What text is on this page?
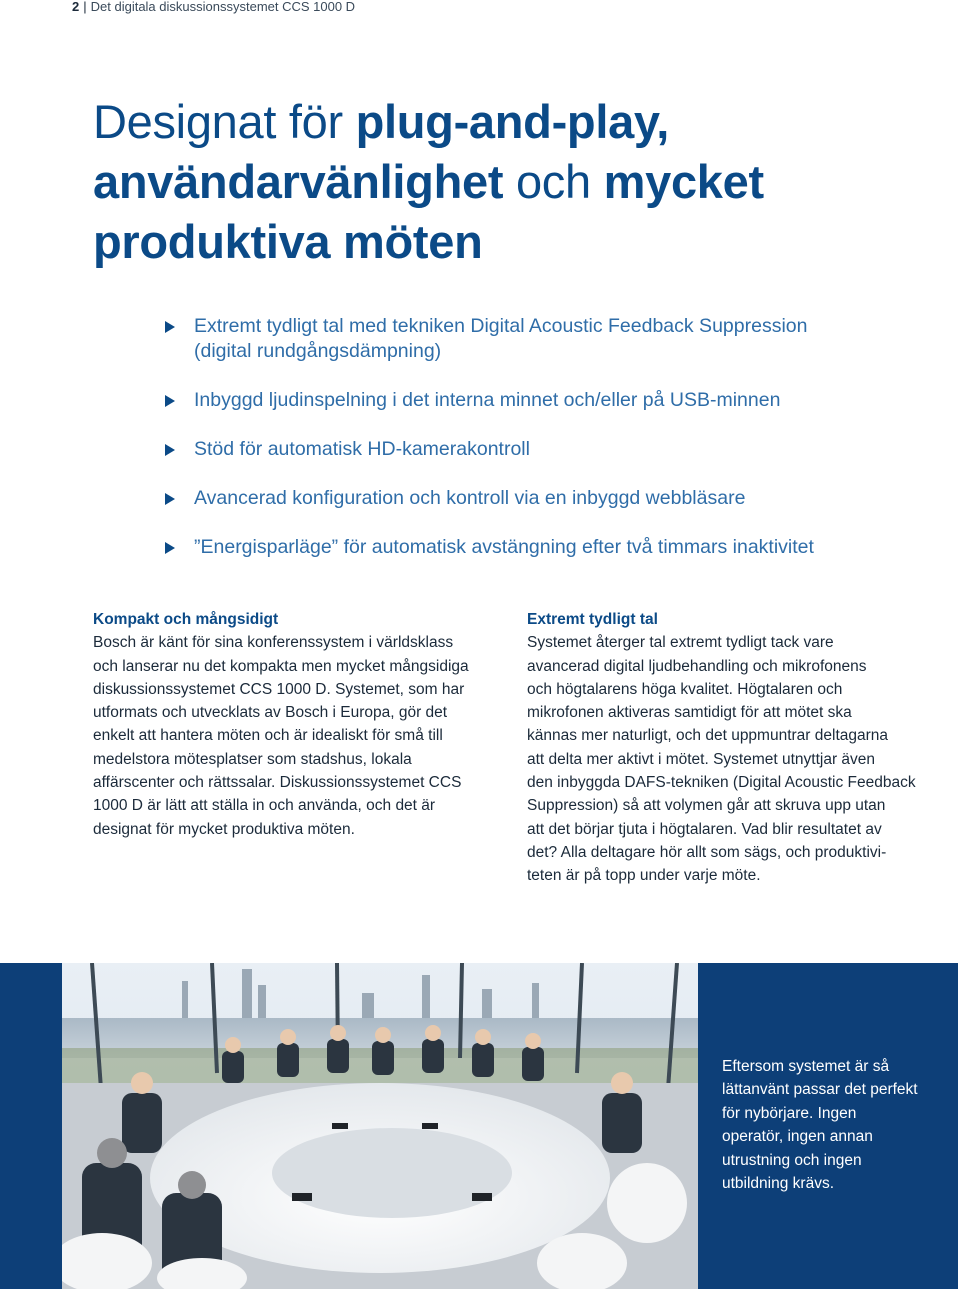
2 | Det digitala diskussionssystemet CCS 1000 D
Designat för plug-and-play,
användarvänlighet och mycket
produktiva möten
Extremt tydligt tal med tekniken Digital Acoustic Feedback Suppression
(digital rundgångsdämpning)
Inbyggd ljudinspelning i det interna minnet och/eller på USB-minnen
Stöd för automatisk HD-kamerakontroll
Avancerad konfiguration och kontroll via en inbyggd webbläsare
”Energisparläge” för automatisk avstängning efter två timmars inaktivitet
Kompakt och mångsidigt

Bosch är känt för sina konferenssystem i världsklass
och lanserar nu det kompakta men mycket mångsidiga
diskussionssystemet CCS 1000 D. Systemet, som har
utformats och utvecklats av Bosch i Europa, gör det
enkelt att hantera möten och är idealiskt för små till
medelstora mötesplatser som stadshus, lokala
affärscenter och rättssalar. Diskussionssystemet CCS
1000 D är lätt att ställa in och använda, och det är
designat för mycket produktiva möten.

Extremt tydligt tal

Systemet återger tal extremt tydligt tack vare
avancerad digital ljudbehandling och mikrofonens
och högtalarens höga kvalitet. Högtalaren och
mikrofonen aktiveras samtidigt för att mötet ska
kännas mer naturligt, och det uppmuntrar deltagarna
att delta mer aktivt i mötet. Systemet utnyttjar även
den inbyggda DAFS-tekniken (Digital Acoustic Feedback
Suppression) så att volymen går att skruva upp utan
att det börjar tjuta i högtalaren. Vad blir resultatet av
det? Alla deltagare hör allt som sägs, och produktivi-
teten är på topp under varje möte.

Eftersom systemet är så
lättanvänt passar det perfekt
för nybörjare. Ingen
operatör, ingen annan
utrustning och ingen
utbildning krävs.
